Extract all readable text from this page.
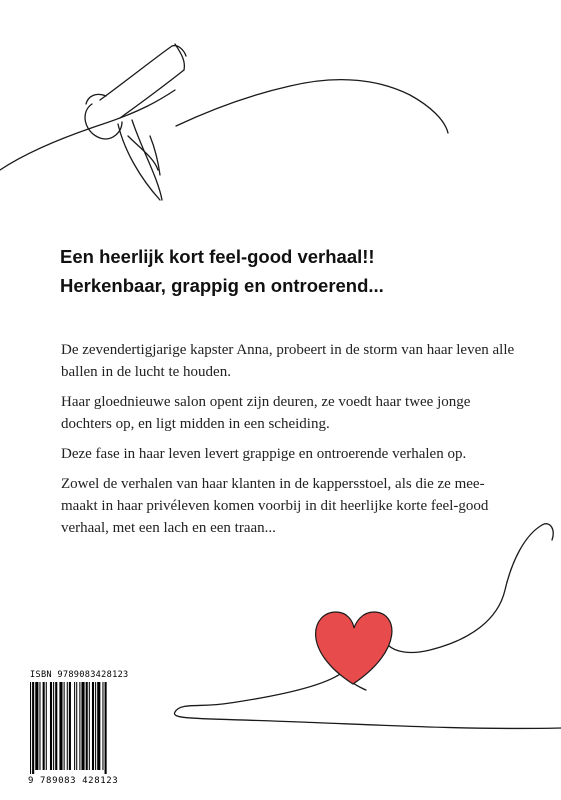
Een heerlijk kort feel-good verhaal!!
Herkenbaar, grappig en ontroerend...

De zevendertigjarige kapster Anna, probeert in de storm van haar leven alle ballen in de lucht te houden.

Haar gloednieuwe salon opent zijn deuren, ze voedt haar twee jonge dochters op, en ligt midden in een scheiding.

Deze fase in haar leven levert grappige en ontroerende verhalen op.

Zowel de verhalen van haar klanten in de kappersstoel, als die ze mee-maakt in haar privéleven komen voorbij in dit heerlijke korte feel-good verhaal, met een lach en een traan...

ISBN 9789083428123
9 789083 428123
